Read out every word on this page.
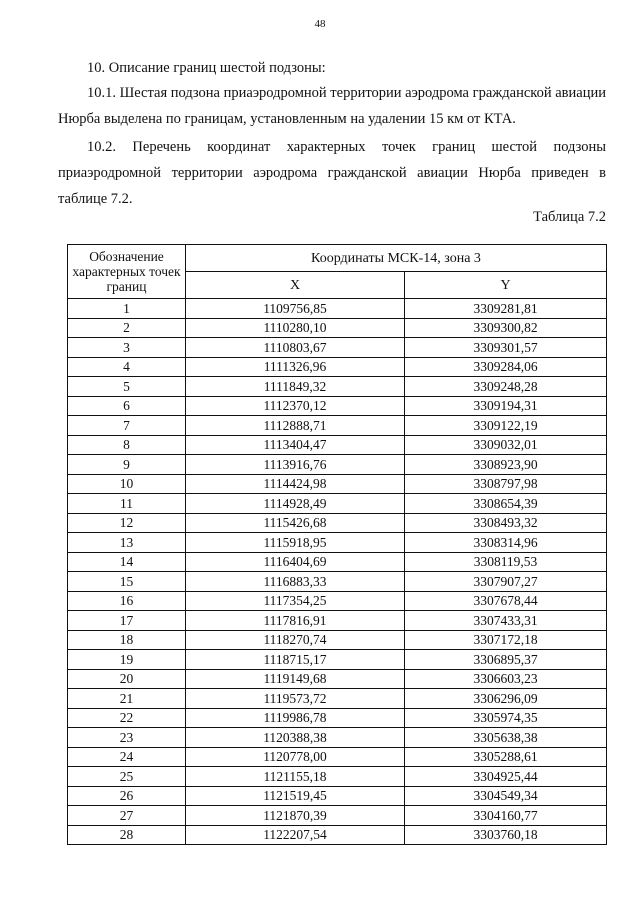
48

10. Описание границ шестой подзоны:

10.1. Шестая подзона приаэродромной территории аэродрома гражданской авиации Нюрба выделена по границам, установленным на удалении 15 км от КТА.

10.2. Перечень координат характерных точек границ шестой подзоны приаэродромной территории аэродрома гражданской авиации Нюрба приведен в таблице 7.2.

Таблица 7.2
Обозначение характерных точек границ	Координаты МСК-14, зона 3	
	X	Y
1	1109756,85	3309281,81
2	1110280,10	3309300,82
3	1110803,67	3309301,57
4	1111326,96	3309284,06
5	1111849,32	3309248,28
6	1112370,12	3309194,31
7	1112888,71	3309122,19
8	1113404,47	3309032,01
9	1113916,76	3308923,90
10	1114424,98	3308797,98
11	1114928,49	3308654,39
12	1115426,68	3308493,32
13	1115918,95	3308314,96
14	1116404,69	3308119,53
15	1116883,33	3307907,27
16	1117354,25	3307678,44
17	1117816,91	3307433,31
18	1118270,74	3307172,18
19	1118715,17	3306895,37
20	1119149,68	3306603,23
21	1119573,72	3306296,09
22	1119986,78	3305974,35
23	1120388,38	3305638,38
24	1120778,00	3305288,61
25	1121155,18	3304925,44
26	1121519,45	3304549,34
27	1121870,39	3304160,77
28	1122207,54	3303760,18
